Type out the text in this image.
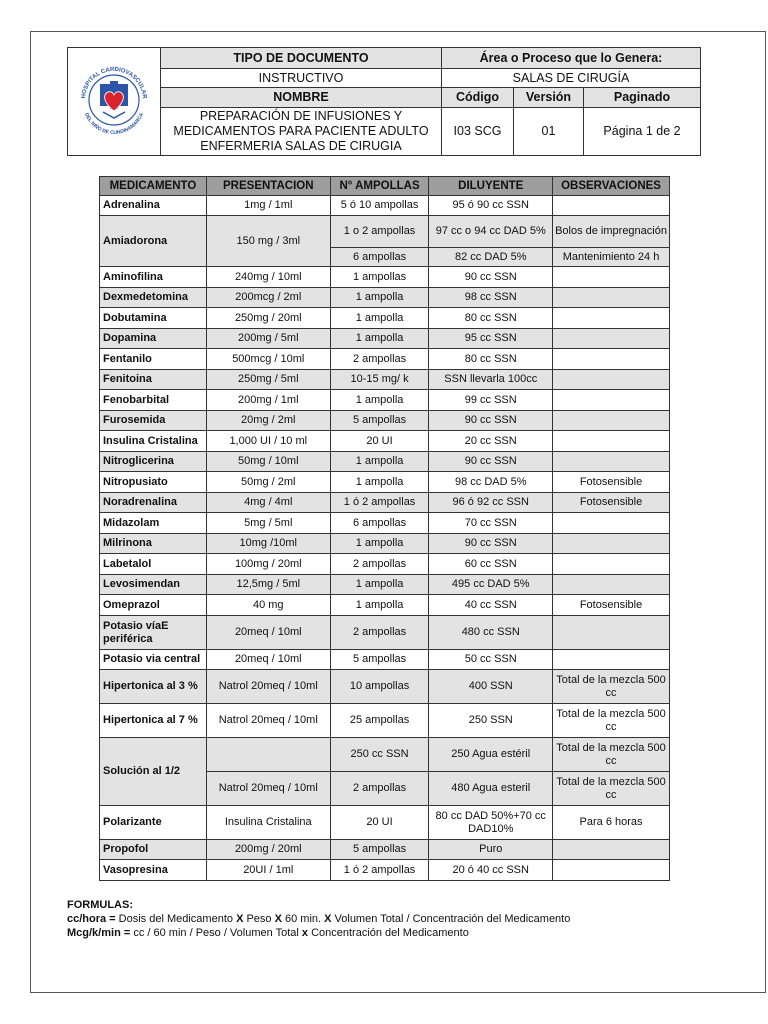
HOSPITAL CARDIOVASCULAR
DEL NIÑO DE CUNDINAMARCA	TIPO DE DOCUMENTO	Área o Proceso que lo Genera:		
	INSTRUCTIVO	SALAS DE CIRUGÍA		
	NOMBRE	Código	Versión	Paginado

	PREPARACIÓN DE INFUSIONES Y
MEDICAMENTOS PARA PACIENTE ADULTO
ENFERMERIA SALAS DE CIRUGIA	I03 SCG	01	Página 1 de 2
MEDICAMENTO	PRESENTACION	N° AMPOLLAS	DILUYENTE	OBSERVACIONES
Adrenalina	1mg / 1ml	5 ó 10 ampollas	95 ó 90 cc SSN	
Amiadorona	150 mg / 3ml	1 o 2 ampollas	97 cc o 94 cc DAD 5%	Bolos de impregnación
		6 ampollas	82 cc DAD 5%	Mantenimiento 24 h
Aminofilina	240mg / 10ml	1 ampollas	90 cc SSN	
Dexmedetomina	200mcg / 2ml	1 ampolla	98 cc SSN	
Dobutamina	250mg / 20ml	1 ampolla	80 cc SSN	
Dopamina	200mg / 5ml	1 ampolla	95 cc SSN	
Fentanilo	500mcg / 10ml	2 ampollas	80 cc SSN	
Fenitoina	250mg / 5ml	10-15 mg/ k	SSN llevarla 100cc	
Fenobarbital	200mg / 1ml	1 ampolla	99 cc SSN	
Furosemida	20mg / 2ml	5 ampollas	90 cc SSN	
Insulina Cristalina	1,000 UI / 10 ml	20 UI	20 cc SSN	
Nitroglicerina	50mg / 10ml	1 ampolla	90 cc SSN	
Nitropusiato	50mg / 2ml	1 ampolla	98 cc DAD 5%	Fotosensible
Noradrenalina	4mg / 4ml	1 ó 2 ampollas	96 ó 92 cc SSN	Fotosensible
Midazolam	5mg / 5ml	6 ampollas	70 cc SSN	
Milrinona	10mg /10ml	1 ampolla	90 cc SSN	
Labetalol	100mg / 20ml	2 ampollas	60 cc SSN	
Levosimendan	12,5mg / 5ml	1 ampolla	495 cc DAD 5%	
Omeprazol	40 mg	1 ampolla	40 cc SSN	Fotosensible
Potasio víaE periférica	20meq / 10ml	2 ampollas	480 cc SSN	
Potasio via central	20meq / 10ml	5 ampollas	50 cc SSN	
Hipertonica al 3 %	Natrol 20meq / 10ml	10 ampollas	400 SSN	Total de la mezcla 500 cc
Hipertonica al 7 %	Natrol 20meq / 10ml	25 ampollas	250 SSN	Total de la mezcla 500 cc
Solución al 1/2		250 cc SSN	250 Agua estéril	Total de la mezcla 500 cc
	Natrol 20meq / 10ml	2 ampollas	480 Agua esteril	Total de la mezcla 500 cc
Polarizante	Insulina Cristalina	20 UI	80 cc DAD 50%+70 cc DAD10%	Para 6 horas
Propofol	200mg / 20ml	5 ampollas	Puro	
Vasopresina	20UI / 1ml	1 ó 2 ampollas	20 ó 40 cc SSN	
FORMULAS:
cc/hora = Dosis del Medicamento X Peso X 60 min. X Volumen Total / Concentración del Medicamento
Mcg/k/min = cc / 60 min / Peso / Volumen Total x Concentración del Medicamento
